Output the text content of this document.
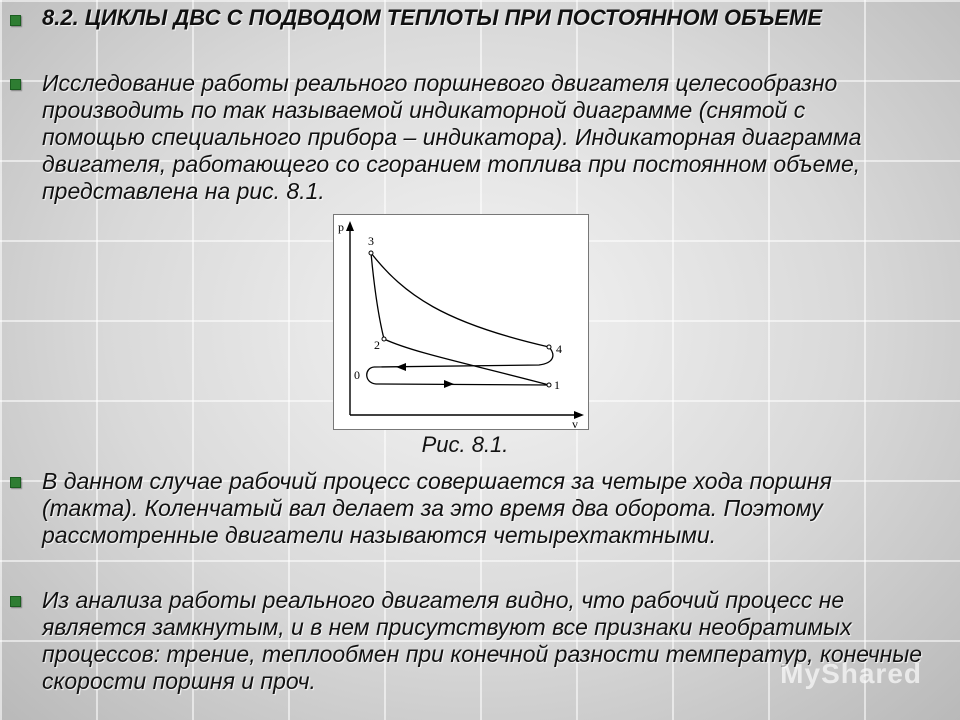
8.2. ЦИКЛЫ ДВС С ПОДВОДОМ ТЕПЛОТЫ ПРИ ПОСТОЯННОМ ОБЪЕМЕ
Исследование работы реального поршневого двигателя целесообразно производить по так называемой индикаторной диаграмме (снятой с помощью специального прибора – индикатора). Индикаторная диаграмма двигателя, работающего со сгоранием топлива при постоянном объеме, представлена на рис. 8.1.
p
v
3
4
2
0
1
Рис. 8.1.
В данном случае рабочий процесс совершается за четыре хода поршня (такта). Коленчатый вал делает за это время два оборота. Поэтому рассмотренные двигатели называются четырехтактными.
Из анализа работы реального двигателя видно, что рабочий процесс не является замкнутым, и в нем присутствуют все признаки необратимых процессов: трение, теплообмен при конечной разности температур, конечные скорости поршня и проч.	MyShared
